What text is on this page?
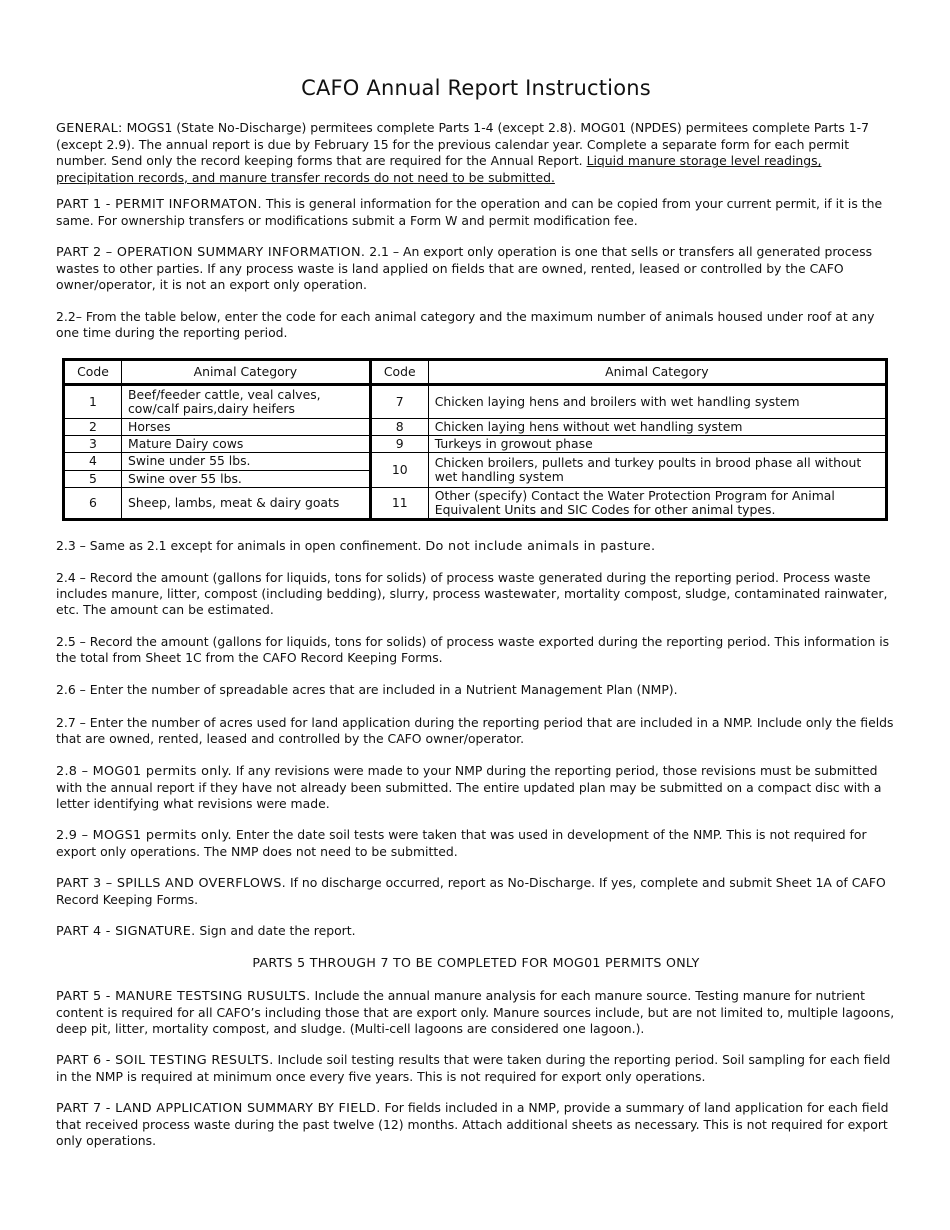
CAFO Annual Report Instructions
GENERAL: MOGS1 (State No-Discharge) permitees complete Parts 1-4 (except 2.8). MOG01 (NPDES) permitees complete Parts 1-7 (except 2.9). The annual report is due by February 15 for the previous calendar year. Complete a separate form for each permit number. Send only the record keeping forms that are required for the Annual Report. Liquid manure storage level readings, precipitation records, and manure transfer records do not need to be submitted.
PART 1 - PERMIT INFORMATON. This is general information for the operation and can be copied from your current permit, if it is the same. For ownership transfers or modifications submit a Form W and permit modification fee.
PART 2 – OPERATION SUMMARY INFORMATION. 2.1 – An export only operation is one that sells or transfers all generated process wastes to other parties. If any process waste is land applied on fields that are owned, rented, leased or controlled by the CAFO owner/operator, it is not an export only operation.
2.2– From the table below, enter the code for each animal category and the maximum number of animals housed under roof at any one time during the reporting period.
Code	Animal Category	Code	Animal Category
1	Beef/feeder cattle, veal calves, cow/calf pairs,dairy heifers	7	Chicken laying hens and broilers with wet handling system
2	Horses	8	Chicken laying hens without wet handling system
3	Mature Dairy cows	9	Turkeys in growout phase
4	Swine under 55 lbs.	10	Chicken broilers, pullets and turkey poults in brood phase all without wet handling system
5	Swine over 55 lbs.		
6	Sheep, lambs, meat & dairy goats	11	Other (specify) Contact the Water Protection Program for Animal Equivalent Units and SIC Codes for other animal types.
2.3 – Same as 2.1 except for animals in open confinement. Do not include animals in pasture.
2.4 – Record the amount (gallons for liquids, tons for solids) of process waste generated during the reporting period. Process waste includes manure, litter, compost (including bedding), slurry, process wastewater, mortality compost, sludge, contaminated rainwater, etc. The amount can be estimated.
2.5 – Record the amount (gallons for liquids, tons for solids) of process waste exported during the reporting period. This information is the total from Sheet 1C from the CAFO Record Keeping Forms.
2.6 – Enter the number of spreadable acres that are included in a Nutrient Management Plan (NMP).
2.7 – Enter the number of acres used for land application during the reporting period that are included in a NMP. Include only the fields that are owned, rented, leased and controlled by the CAFO owner/operator.
2.8 – MOG01 permits only. If any revisions were made to your NMP during the reporting period, those revisions must be submitted with the annual report if they have not already been submitted. The entire updated plan may be submitted on a compact disc with a letter identifying what revisions were made.
2.9 – MOGS1 permits only. Enter the date soil tests were taken that was used in development of the NMP. This is not required for export only operations. The NMP does not need to be submitted.
PART 3 – SPILLS AND OVERFLOWS. If no discharge occurred, report as No-Discharge. If yes, complete and submit Sheet 1A of CAFO Record Keeping Forms.
PART 4 - SIGNATURE. Sign and date the report.
PARTS 5 THROUGH 7 TO BE COMPLETED FOR MOG01 PERMITS ONLY
PART 5 - MANURE TESTSING RUSULTS. Include the annual manure analysis for each manure source. Testing manure for nutrient content is required for all CAFO’s including those that are export only. Manure sources include, but are not limited to, multiple lagoons, deep pit, litter, mortality compost, and sludge. (Multi-cell lagoons are considered one lagoon.).
PART 6 - SOIL TESTING RESULTS. Include soil testing results that were taken during the reporting period. Soil sampling for each field in the NMP is required at minimum once every five years. This is not required for export only operations.
PART 7 - LAND APPLICATION SUMMARY BY FIELD. For fields included in a NMP, provide a summary of land application for each field that received process waste during the past twelve (12) months. Attach additional sheets as necessary. This is not required for export only operations.
